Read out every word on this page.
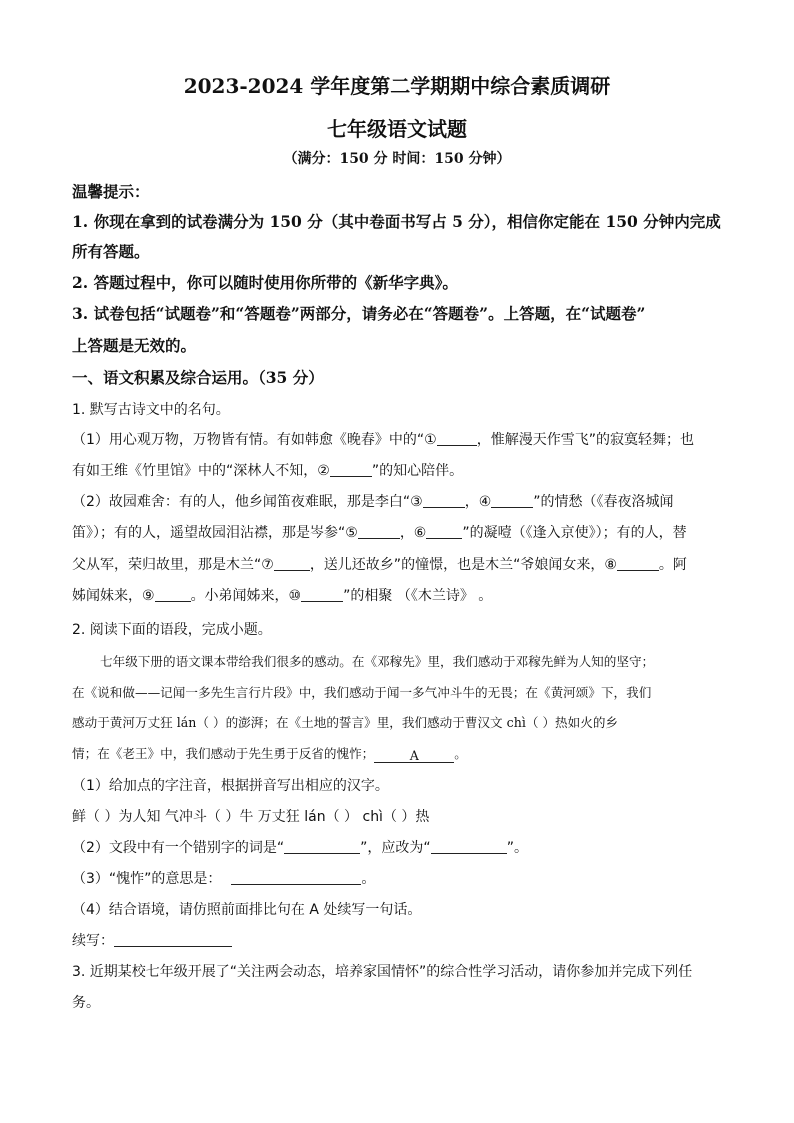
2023-2024 学年度第二学期期中综合素质调研
七年级语文试题
（满分：150 分 时间：150 分钟）
温馨提示：
1. 你现在拿到的试卷满分为 150 分（其中卷面书写占 5 分），相信你定能在 150 分钟内完成
所有答题。
2. 答题过程中，你可以随时使用你所带的《新华字典》。
3. 试卷包括“试题卷”和“答题卷”两部分，请务必在“答题卷”。上答题，在“试题卷”
上答题是无效的。
一、语文积累及综合运用。（35 分）
1. 默写古诗文中的名句。
（1）用心观万物，万物皆有情。有如韩愈《晚春》中的“①	，惟解漫天作雪飞”的寂寞轻舞；也
有如王维《竹里馆》中的“深林人不知，②	”的知心陪伴。
（2）故园难舍：有的人，他乡闻笛夜难眠，那是李白“③	，④	”的情愁（《春夜洛城闻
笛》）；有的人，遥望故园泪沾襟，那是岑参“⑤	，⑥	”的凝噎（《逢入京使》）；有的人，替
父从军，荣归故里，那是木兰“⑦	，送儿还故乡”的憧憬，也是木兰“爷娘闻女来，⑧	。阿
姊闻妹来，⑨	。小弟闻姊来，⑩	”的相聚 （《木兰诗》 。
2. 阅读下面的语段，完成小题。
七年级下册的语文课本带给我们很多的感动。在《邓稼先》里，我们感动于邓稼先鲜为人知的坚守；
在《说和做——记闻一多先生言行片段》中，我们感动于闻一多气冲斗牛的无畏；在《黄河颂》下，我们
感动于黄河万丈狂 lán（ ）的澎湃；在《土地的誓言》里，我们感动于曹汉文 chì（ ）热如火的乡
情；在《老王》中，我们感动于先生勇于反省的愧怍；	A	。
（1）给加点的字注音，根据拼音写出相应的汉字。
鲜（ ）为人知 气冲斗（ ）牛 万丈狂 lán（ ） chì（ ）热
（2）文段中有一个错别字的词是“	”，应改为“	”。
（3）“愧怍”的意思是：	。
（4）结合语境，请仿照前面排比句在 A 处续写一句话。
续写：
3. 近期某校七年级开展了“关注两会动态，培养家国情怀”的综合性学习活动，请你参加并完成下列任
务。
